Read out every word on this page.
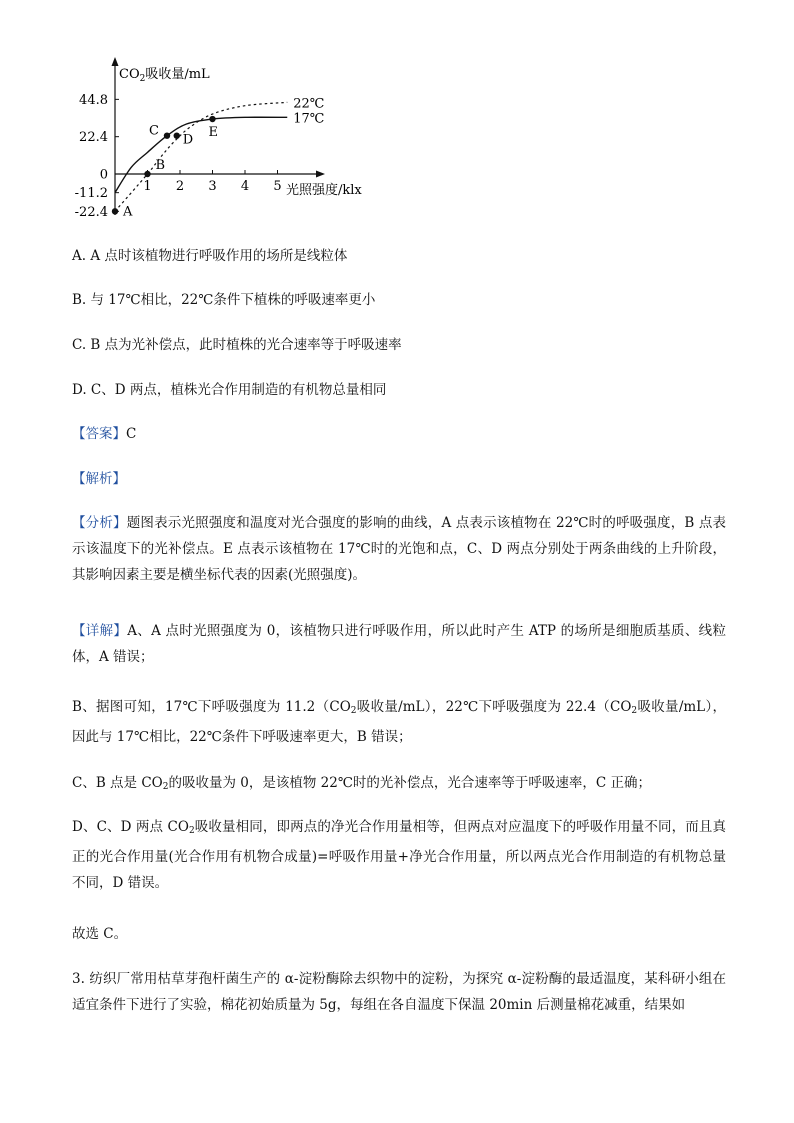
$CO_2$吸收量/mL
光照强度/klx
44.8
22.4
0
-11.2
-22.4
1 2 3 4 5
22℃
17℃
A
B
C
D
E
A. A 点时该植物进行呼吸作用的场所是线粒体
B. 与 17℃相比，22℃条件下植株的呼吸速率更小
C. B 点为光补偿点，此时植株的光合速率等于呼吸速率
D. C、D 两点，植株光合作用制造的有机物总量相同
【答案】C
【解析】
【分析】题图表示光照强度和温度对光合强度的影响的曲线，A 点表示该植物在 22℃时的呼吸强度，B 点表示该温度下的光补偿点。E 点表示该植物在 17℃时的光饱和点，C、D 两点分别处于两条曲线的上升阶段，其影响因素主要是横坐标代表的因素(光照强度)。
【详解】A、A 点时光照强度为 0，该植物只进行呼吸作用，所以此时产生 ATP 的场所是细胞质基质、线粒体，A 错误；
B、据图可知，17℃下呼吸强度为 $11.2(CO_2$吸收量/mL），22℃下呼吸强度为 $22.4(CO_2$吸收量/mL），因此与 17℃相比，22℃条件下呼吸速率更大，B 错误；
C、B 点是 $CO_2$的吸收量为 0，是该植物 22℃时的光补偿点，光合速率等于呼吸速率，C 正确；
D、C、D 两点 $CO_2$吸收量相同，即两点的净光合作用量相等，但两点对应温度下的呼吸作用量不同，而且真正的光合作用量(光合作用有机物合成量)=呼吸作用量+净光合作用量，所以两点光合作用制造的有机物总量不同，D 错误。
故选 C。
3. 纺织厂常用枯草芽孢杆菌生产的 α-淀粉酶除去织物中的淀粉，为探究 α-淀粉酶的最适温度，某科研小组在适宜条件下进行了实验，棉花初始质量为 5g，每组在各自温度下保温 20min 后测量棉花减重，结果如
